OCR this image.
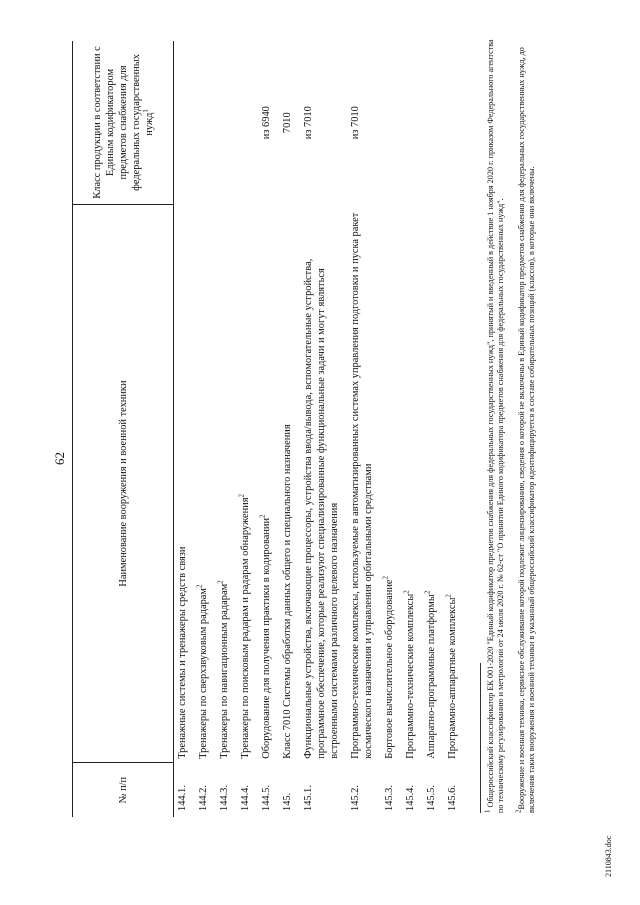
62
№ п/п	Наименование вооружения и военной техники	Класс продукции в соответствии с Единым кодификатором предметов снабжения для федеральных государственных нужд$^1$
144.1.	Тренажные системы и тренажеры средств связи	
144.2.	Тренажеры по сверхзвуковым радарам$^2$	
144.3.	Тренажеры по навигационным радарам$^2$	
144.4.	Тренажеры по поисковым радарам и радарам обнаружения$^2$	
144.5.	Оборудование для получения практики в кодировании$^2$	из 6940
145.	Класс 7010 Системы обработки данных общего и специального назначения	7010
145.1.	Функциональные устройства, включающие процессоры, устройства ввода/вывода, вспомогательные устройства, программное обеспечение, которые реализуют специализированные функциональные задачи и могут являться встроенными системами различного целевого назначения	из 7010
145.2.	Программно-технические комплексы, используемые в автоматизированных системах управления подготовки и пуска ракет космического назначения и управления орбитальными средствами	из 7010
145.3.	Бортовое вычислительное оборудование$^2$	
145.4.	Программно-технические комплексы$^2$	
145.5.	Аппаратно-программные платформы$^2$	
145.6.	Программно-аппаратные комплексы$^2$	
$^1$ Общероссийский классификатор ЕК 001-2020 "Единый кодификатор предметов снабжения для федеральных государственных нужд", принятый и введенный в действие 1 ноября 2020 г. приказом Федерального агентства по техническому регулированию и метрологии от 24 июля 2020 г. № 62-ст "О принятии Единого кодификатора предметов снабжения для федеральных государственных нужд". $^2$Вооружение и военная техника, сервисное обслуживание которой подлежит лицензированию, сведения о которой не включены в Единый кодификатор предметов снабжения для федеральных государственных нужд, до включения таких вооружения и военной техники в указанный общероссийский классификатор идентифицируется в составе собирательных позиций (классов), в которые они включены.
2110843.doc
